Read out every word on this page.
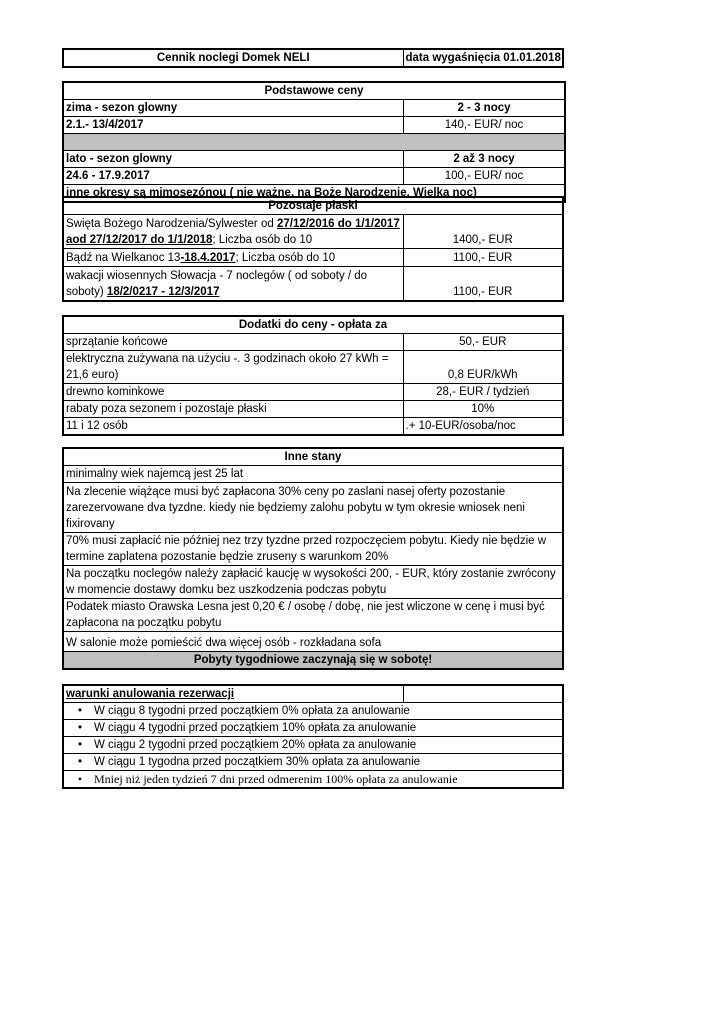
Cennik noclegi Domek NELI	data wygaśnięcia 01.01.2018
Podstawowe ceny		
zima - sezon glowny	2 - 3 nocy	
2.1.- 13/4/2017	140,- EUR/ noc	

lato - sezon glowny	2 až 3 nocy	
24.6 - 17.9.2017	100,- EUR/ noc	
inne okresy są mimosezónou ( nie ważne, na Boże Narodzenie, Wielka noc)		
Pozostaje płaski	
Swięta Bożego Narodzenia/Sylwester od 27/12/2016 do 1/1/2017 aod 27/12/2017 do 1/1/2018; Liczba osób do 10	1400,- EUR
Bądź na Wielkanoc 13-18.4.2017; Liczba osób do 10	1100,- EUR
wakacji wiosennych Słowacja - 7 noclegów ( od soboty / do soboty) 18/2/0217 - 12/3/2017	1100,- EUR
Dodatki do ceny - opłata za	
sprzątanie końcowe	50,- EUR
elektryczna zużywana na użyciu -. 3 godzinach około 27 kWh = 21,6 euro)	0,8 EUR/kWh
drewno kominkowe	28,- EUR / tydzień
rabaty poza sezonem i pozostaje płaski	10%
11 i 12 osób	.+ 10-EUR/osoba/noc
Inne stany
minimalny wiek najemcą jest 25 lat
Na zlecenie wiążące musi być zapłacona 30% ceny po zaslani nasej oferty pozostanie zarezervowane dva tyzdne. kiedy nie będziemy zalohu pobytu w tym okresie wniosek neni fixirovany
70% musi zapłacić nie później nez trzy tyzdne przed rozpoczęciem pobytu. Kiedy nie będzie w termine zaplatena pozostanie będzie zruseny s warunkom 20%
Na początku noclegów należy zapłacić kaucję w wysokości 200, - EUR, który zostanie zwrócony w momencie dostawy domku bez uszkodzenia podczas pobytu
Podatek miasto Orawska Lesna jest 0,20 € / osobę / dobę, nie jest wliczone w cenę i musi być zapłacona na początku pobytu
W salonie może pomieścić dwa więcej osób - rozkładana sofa
Pobyty tygodniowe zaczynają się w sobotę!
warunki anulowania rezerwacji	
• W ciągu 8 tygodni przed początkiem 0% opłata za anulowanie
• W ciągu 4 tygodni przed początkiem 10% opłata za anulowanie
• W ciągu 2 tygodni przed początkiem 20% opłata za anulowanie
• W ciągu 1 tygodna przed początkiem 30% opłata za anulowanie
• Mniej niż jeden tydzień 7 dni przed odmerenim 100% opłata za anulowanie
